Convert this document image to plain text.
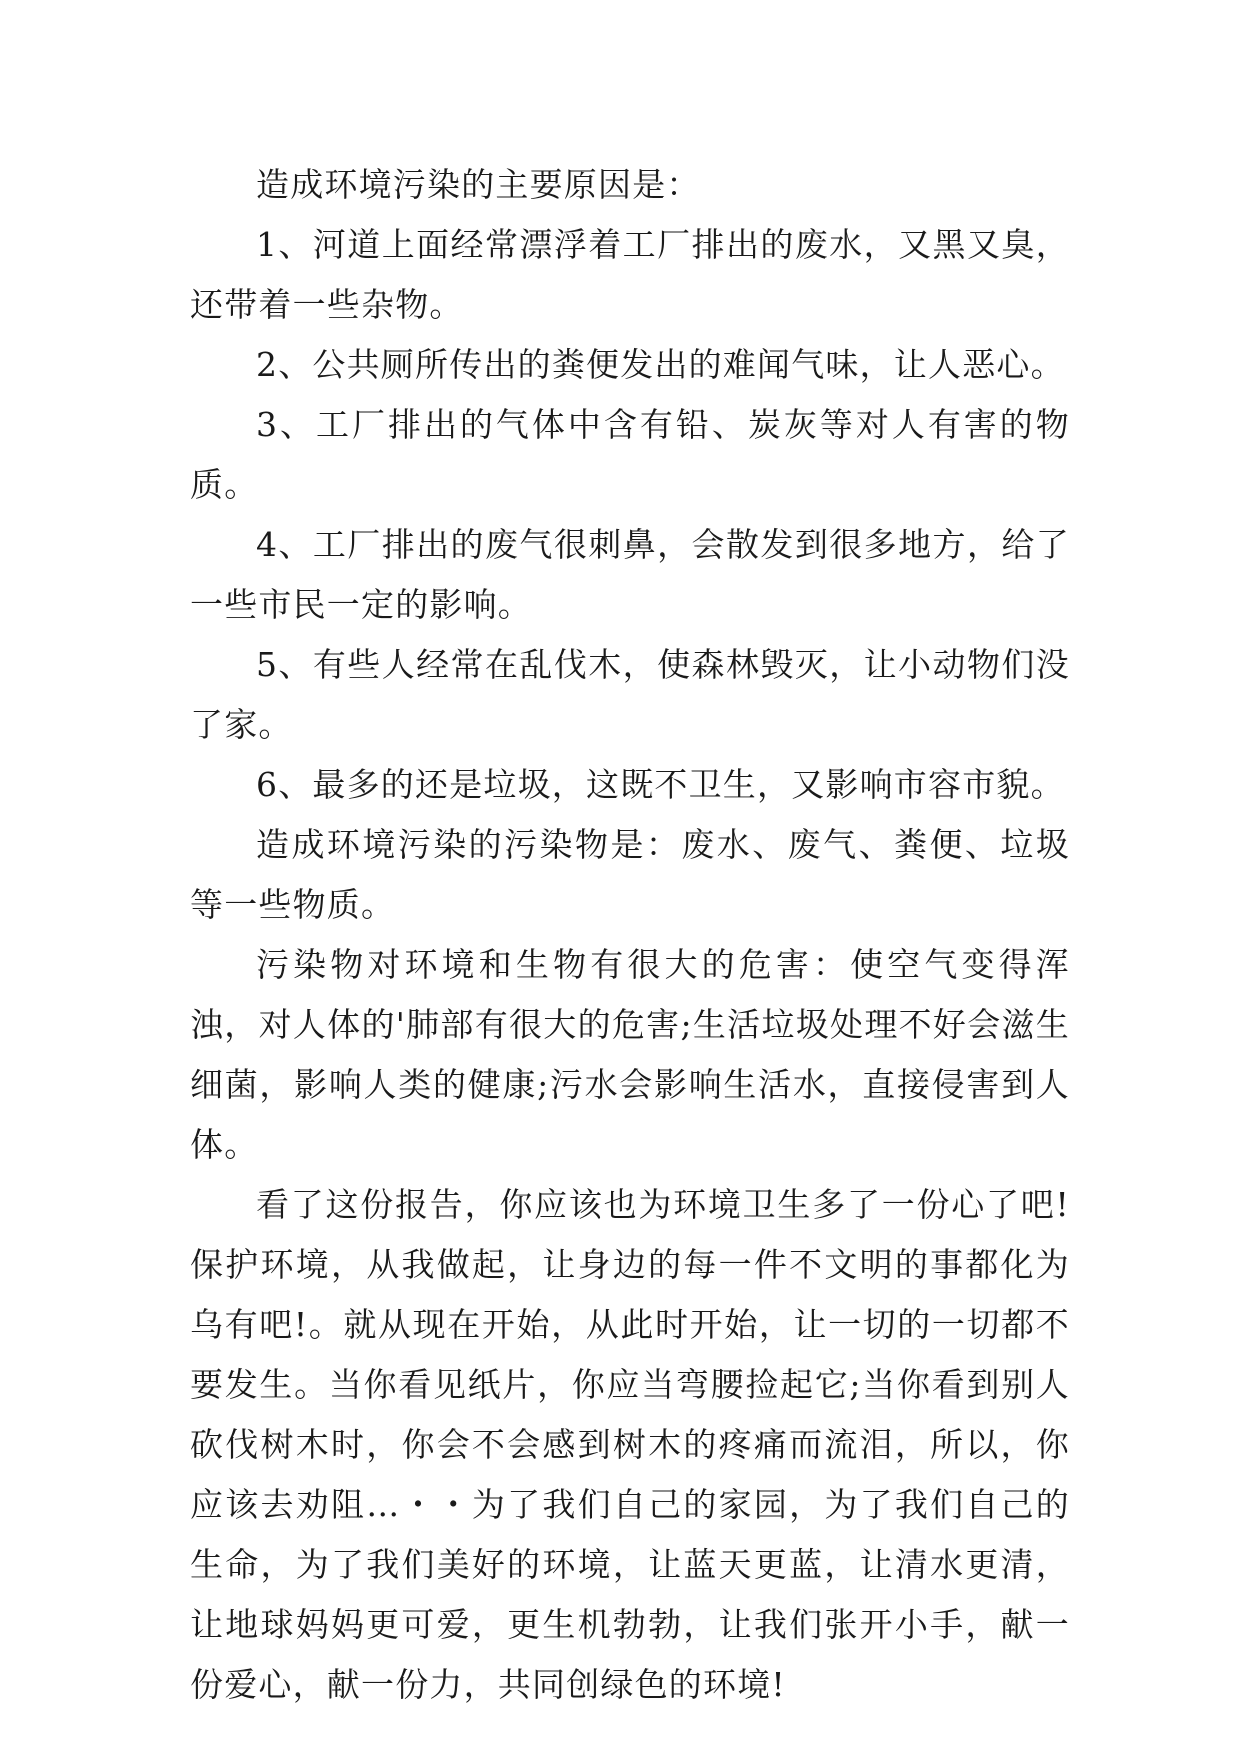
造成环境污染的主要原因是：

1、河道上面经常漂浮着工厂排出的废水，又黑又臭，还带着一些杂物。

2、公共厕所传出的粪便发出的难闻气味，让人恶心。

3、工厂排出的气体中含有铅、炭灰等对人有害的物质。

4、工厂排出的废气很刺鼻，会散发到很多地方，给了一些市民一定的影响。

5、有些人经常在乱伐木，使森林毁灭，让小动物们没了家。

6、最多的还是垃圾，这既不卫生，又影响市容市貌。

造成环境污染的污染物是：废水、废气、粪便、垃圾等一些物质。

污染物对环境和生物有很大的危害：使空气变得浑浊，对人体的'肺部有很大的危害;生活垃圾处理不好会滋生细菌，影响人类的健康;污水会影响生活水，直接侵害到人体。

看了这份报告，你应该也为环境卫生多了一份心了吧!保护环境，从我做起，让身边的每一件不文明的事都化为乌有吧!。就从现在开始，从此时开始，让一切的一切都不要发生。当你看见纸片，你应当弯腰捡起它;当你看到别人砍伐树木时，你会不会感到树木的疼痛而流泪，所以，你应该去劝阻…・・为了我们自己的家园，为了我们自己的生命，为了我们美好的环境，让蓝天更蓝，让清水更清，让地球妈妈更可爱，更生机勃勃，让我们张开小手，献一份爱心，献一份力，共同创绿色的环境!
